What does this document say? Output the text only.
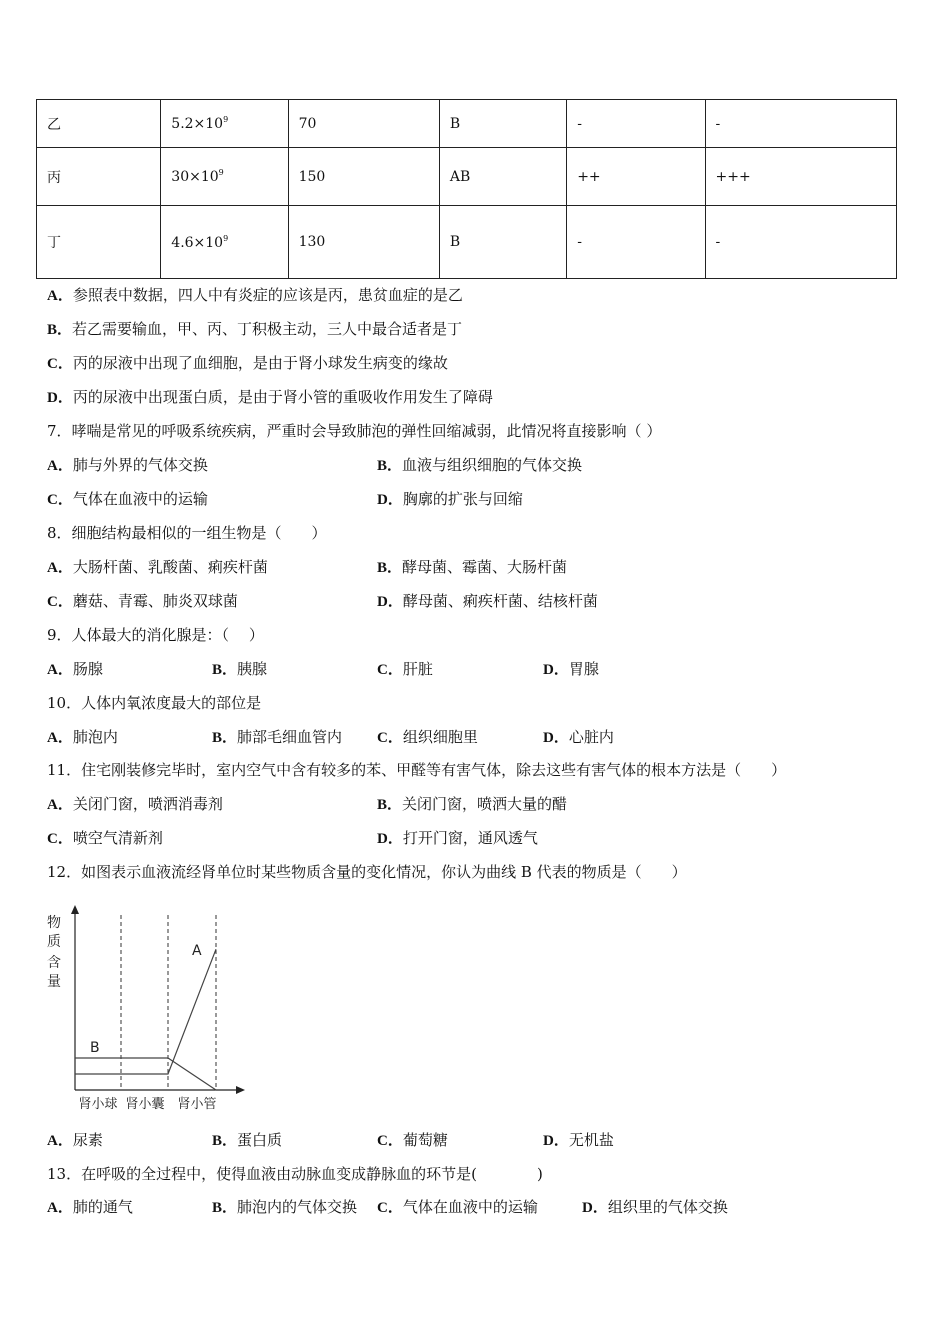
乙	$5.2\times 10^9$	70	B	-	-
丙	$30\times 10^9$	150	AB	++	+++
丁	$4.6\times 10^9$	130	B	-	-
A．参照表中数据，四人中有炎症的应该是丙，患贫血症的是乙
B．若乙需要输血，甲、丙、丁积极主动，三人中最合适者是丁
C．丙的尿液中出现了血细胞，是由于肾小球发生病变的缘故
D．丙的尿液中出现蛋白质，是由于肾小管的重吸收作用发生了障碍
7．哮喘是常见的呼吸系统疾病，严重时会导致肺泡的弹性回缩减弱，此情况将直接影响（ ）
A．肺与外界的气体交换	B．血液与组织细胞的气体交换
C．气体在血液中的运输	D．胸廓的扩张与回缩
8．细胞结构最相似的一组生物是（　　）
A．大肠杆菌、乳酸菌、痢疾杆菌	B．酵母菌、霉菌、大肠杆菌
C．蘑菇、青霉、肺炎双球菌	D．酵母菌、痢疾杆菌、结核杆菌
9．人体最大的消化腺是：（　 ）
A．肠腺	B．胰腺	C．肝脏	D．胃腺
10．人体内氧浓度最大的部位是
A．肺泡内	B．肺部毛细血管内 C．组织细胞里	D．心脏内
11．住宅刚装修完毕时，室内空气中含有较多的苯、甲醛等有害气体，除去这些有害气体的根本方法是（　　）
A．关闭门窗，喷洒消毒剂	B．关闭门窗，喷洒大量的醋
C．喷空气清新剂	D．打开门窗，通风透气
12．如图表示血液流经肾单位时某些物质含量的变化情况，你认为曲线 B 代表的物质是（　　）
物
质
含
量
A
B
肾小球 肾小囊 肾小管
A．尿素	B．蛋白质	C．葡萄糖	D．无机盐
13．在呼吸的全过程中，使得血液由动脉血变成静脉血的环节是(　　　　)
A．肺的通气	B．肺泡内的气体交换 C．气体在血液中的运输	D．组织里的气体交换
